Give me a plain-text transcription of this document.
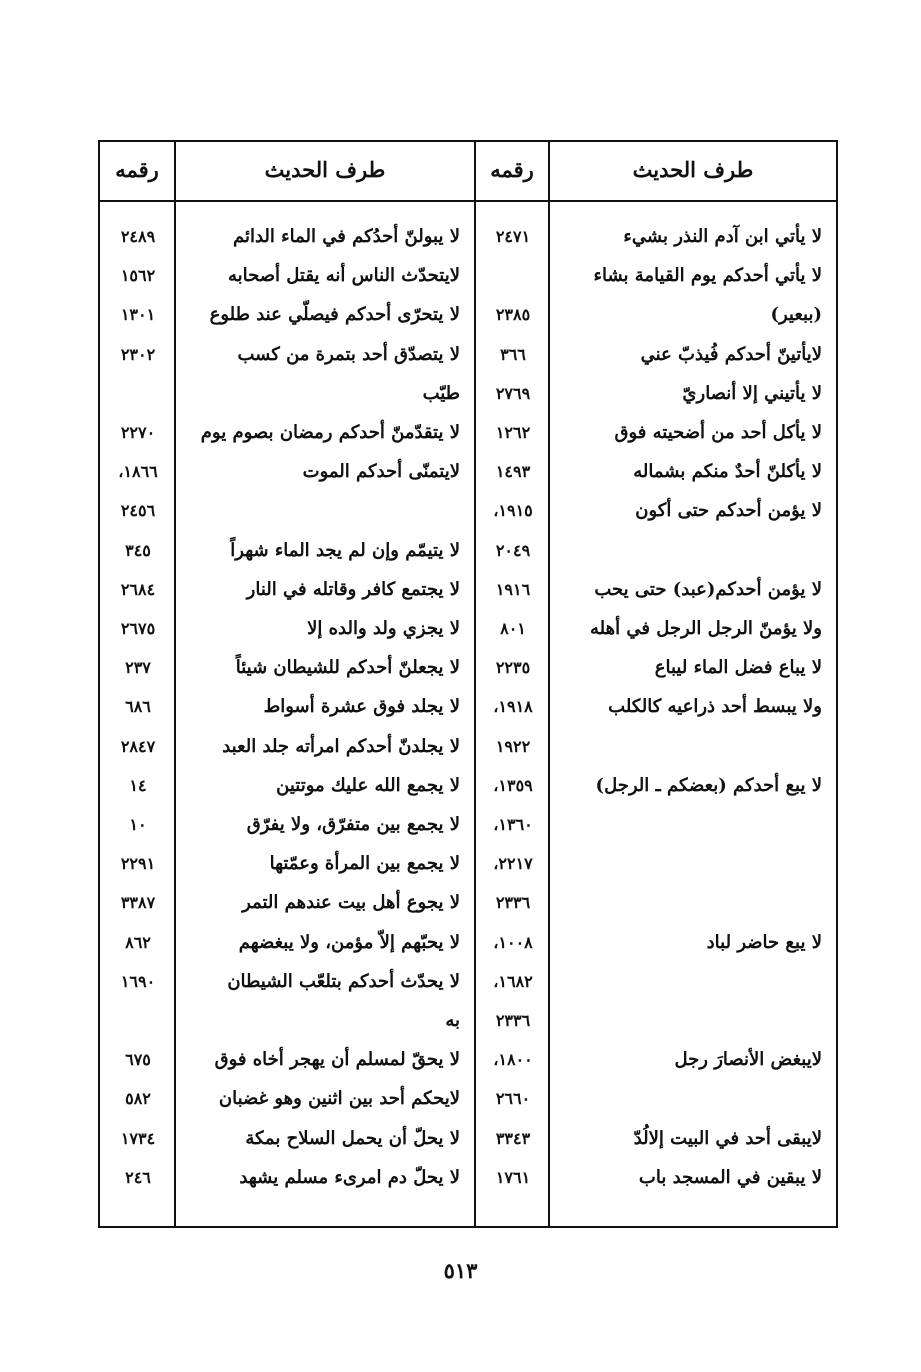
طرف الحديث
رقمه
طرف الحديث
رقمه
لا يأتي ابن آدم النذر بشيء
٢٤٧١
لا يبولنّ أحدُكم في الماء الدائم
٢٤٨٩
لا يأتي أحدكم يوم القيامة بشاء
لايتحدّث الناس أنه يقتل أصحابه
١٥٦٢
(ببعير)
٢٣٨٥
لا يتحرّى أحدكم فيصلّي عند طلوع
١٣٠١
لايأتينّ أحدكم فُيذبّ عني
٣٦٦
لا يتصدّق أحد بتمرة من كسب
٢٣٠٢
لا يأتيني إلا أنصاريّ
٢٧٦٩
طيّب
لا يأكل أحد من أضحيته فوق
١٢٦٢
لا يتقدّمنّ أحدكم رمضان بصوم يوم
٢٢٧٠
لا يأكلنّ أحدٌ منكم بشماله
١٤٩٣
لايتمنّى أحدكم الموت
١٨٦٦،
لا يؤمن أحدكم حتى أكون
١٩١٥،
٢٤٥٦
٢٠٤٩
لا يتيمّم وإن لم يجد الماء شهراً
٣٤٥
لا يؤمن أحدكم(عبد) حتى يحب
١٩١٦
لا يجتمع كافر وقاتله في النار
٢٦٨٤
ولا يؤمنّ الرجل الرجل في أهله
٨٠١
لا يجزي ولد والده إلا
٢٦٧٥
لا يباع فضل الماء ليباع
٢٢٣٥
لا يجعلنّ أحدكم للشيطان شيئاً
٢٣٧
ولا يبسط أحد ذراعيه كالكلب
١٩١٨،
لا يجلد فوق عشرة أسواط
٦٨٦
١٩٢٢
لا يجلدنّ أحدكم امرأته جلد العبد
٢٨٤٧
لا يبع أحدكم (بعضكم ـ الرجل)
١٣٥٩،
لا يجمع الله عليك موتتين
١٤
١٣٦٠،
لا يجمع بين متفرّق، ولا يفرّق
١٠
٢٢١٧،
لا يجمع بين المرأة وعمّتها
٢٢٩١
٢٣٣٦
لا يجوع أهل بيت عندهم التمر
٣٣٨٧
لا يبع حاضر لباد
١٠٠٨،
لا يحبّهم إلاّ مؤمن، ولا يبغضهم
٨٦٢
١٦٨٢،
لا يحدّث أحدكم بتلعّب الشيطان
١٦٩٠
٢٣٣٦
به
لايبغض الأنصارَ رجل
١٨٠٠،
لا يحقّ لمسلم أن يهجر أخاه فوق
٦٧٥
٢٦٦٠
لايحكم أحد بين اثنين وهو غضبان
٥٨٢
لايبقى أحد في البيت إلالُدّ
٣٣٤٣
لا يحلّ أن يحمل السلاح بمكة
١٧٣٤
لا يبقين في المسجد باب
١٧٦١
لا يحلّ دم امرىء مسلم يشهد
٢٤٦
٥١٣
